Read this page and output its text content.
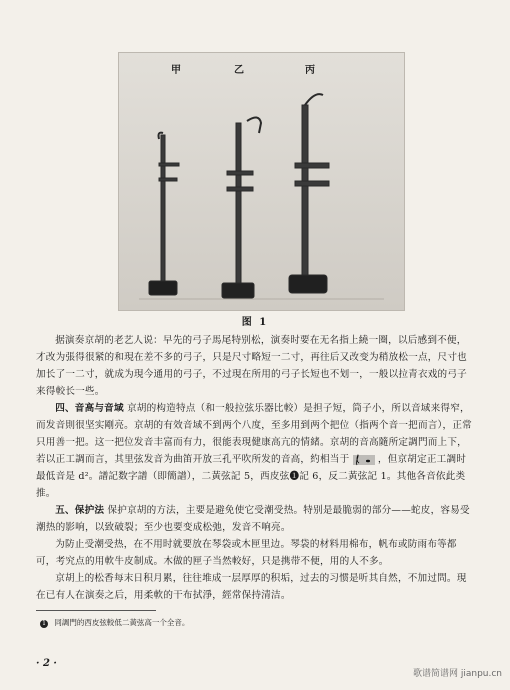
甲	乙	丙
图 1

据演奏京胡的老艺人说：早先的弓子馬尾特别松，演奏时要在无名指上繞一圈，以后感到不便，才改为張得很紧的和現在差不多的弓子，只是尺寸略短一二寸，再往后又改变为稍放松一点，尺寸也加长了一二寸，就成为現今通用的弓子，不过現在所用的弓子长短也不划一，一般以拉青衣戏的弓子来得較长一些。

四、音高与音域 京胡的构造特点（和一般拉弦乐器比較）是担子短，筒子小，所以音域来得窄，而发音則很坚实剛亮。京胡的有效音域不到两个八度，至多用到两个把位（指两个音一把而言），正常只用善一把。这一把位发音丰富而有力，很能表現健康高亢的情緒。京胡的音高隨所定調門而上下，若以正工調而言，其里弦发音为曲笛开放三孔平吹所发的音高，約相当于	，但京胡定正工調时最低音是 d²。譜記数字譜（即簡譜），二黃弦記 5，西皮弦❶記 6，反二黃弦記 1。其他各音依此类推。

五、保护法 保护京胡的方法，主要是避免使它受潮受热。特别是最脆弱的部分——蛇皮，容易受潮热的影响，以致破裂；至少也要变成松弛，发音不响亮。

为防止受潮受热，在不用时就要放在琴袋或木匣里边。琴袋的材料用棉布，帆布或防雨布等都可，考究点的用軟牛皮制成。木做的匣子当然較好，只是携带不便，用的人不多。

京胡上的松香每末日积月累，往往堆成一层厚厚的积垢，过去的习惯是听其自然，不加过問。現在已有人在演奏之后，用柔軟的干布拭淨，經常保持清洁。

1 同調門的西皮弦較低二黃弦高一个全音。
· 2 ·
歌谱简谱网 jianpu.cn
